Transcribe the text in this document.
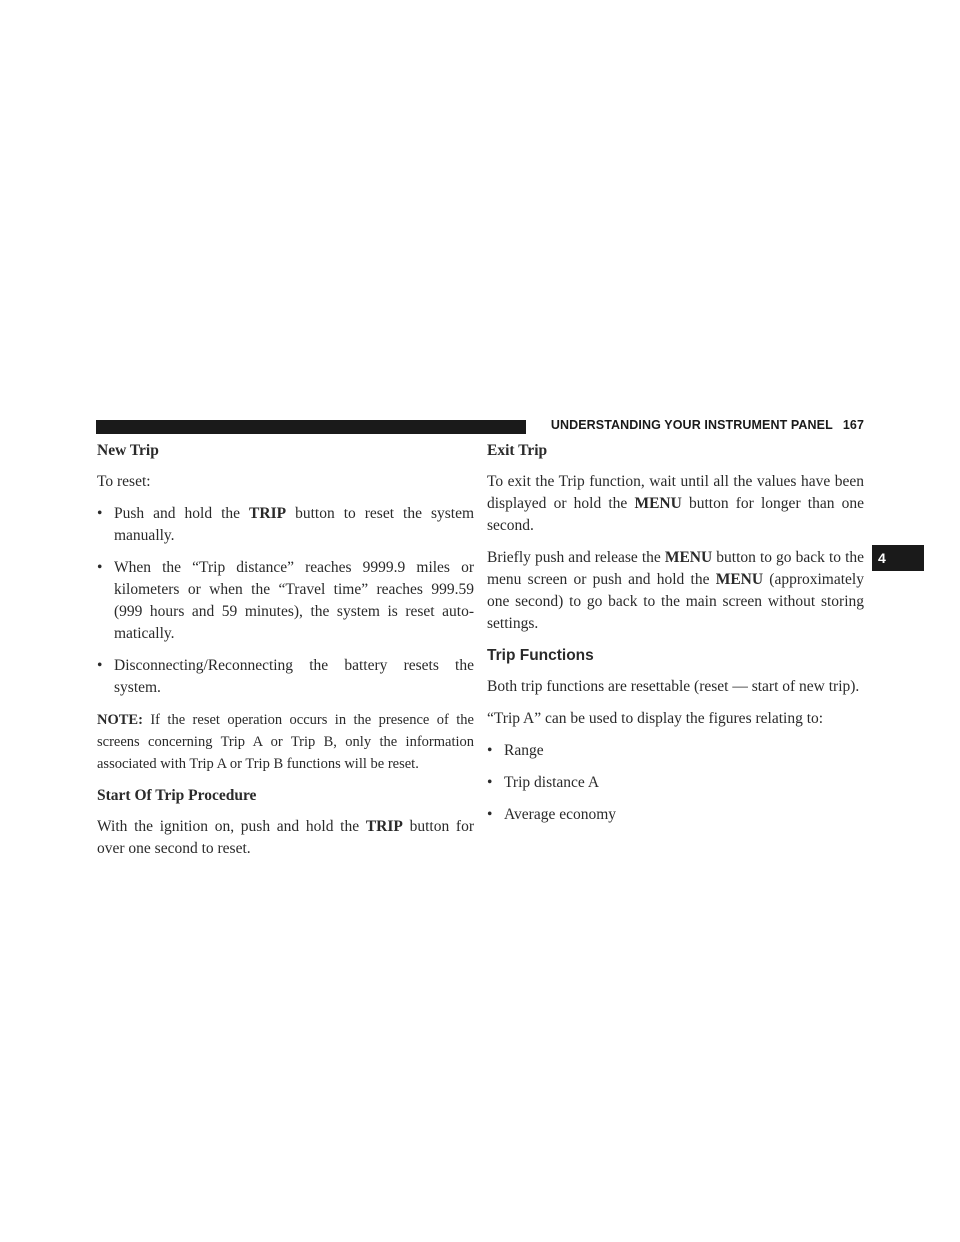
UNDERSTANDING YOUR INSTRUMENT PANEL 167
4
New Trip

To reset:

• Push and hold the TRIP button to reset the system manually.
• When the “Trip distance” reaches 9999.9 miles or kilometers or when the “Travel time” reaches 999.59 (999 hours and 59 minutes), the system is reset automatically.
• Disconnecting/Reconnecting the battery resets the system.

NOTE: If the reset operation occurs in the presence of the screens concerning Trip A or Trip B, only the information associated with Trip A or Trip B functions will be reset.

Start Of Trip Procedure

With the ignition on, push and hold the TRIP button for over one second to reset.

Exit Trip

To exit the Trip function, wait until all the values have been displayed or hold the MENU button for longer than one second.

Briefly push and release the MENU button to go back to the menu screen or push and hold the MENU (approximately one second) to go back to the main screen without storing settings.

Trip Functions

Both trip functions are resettable (reset — start of new trip).

“Trip A” can be used to display the figures relating to:

• Range
• Trip distance A
• Average economy
